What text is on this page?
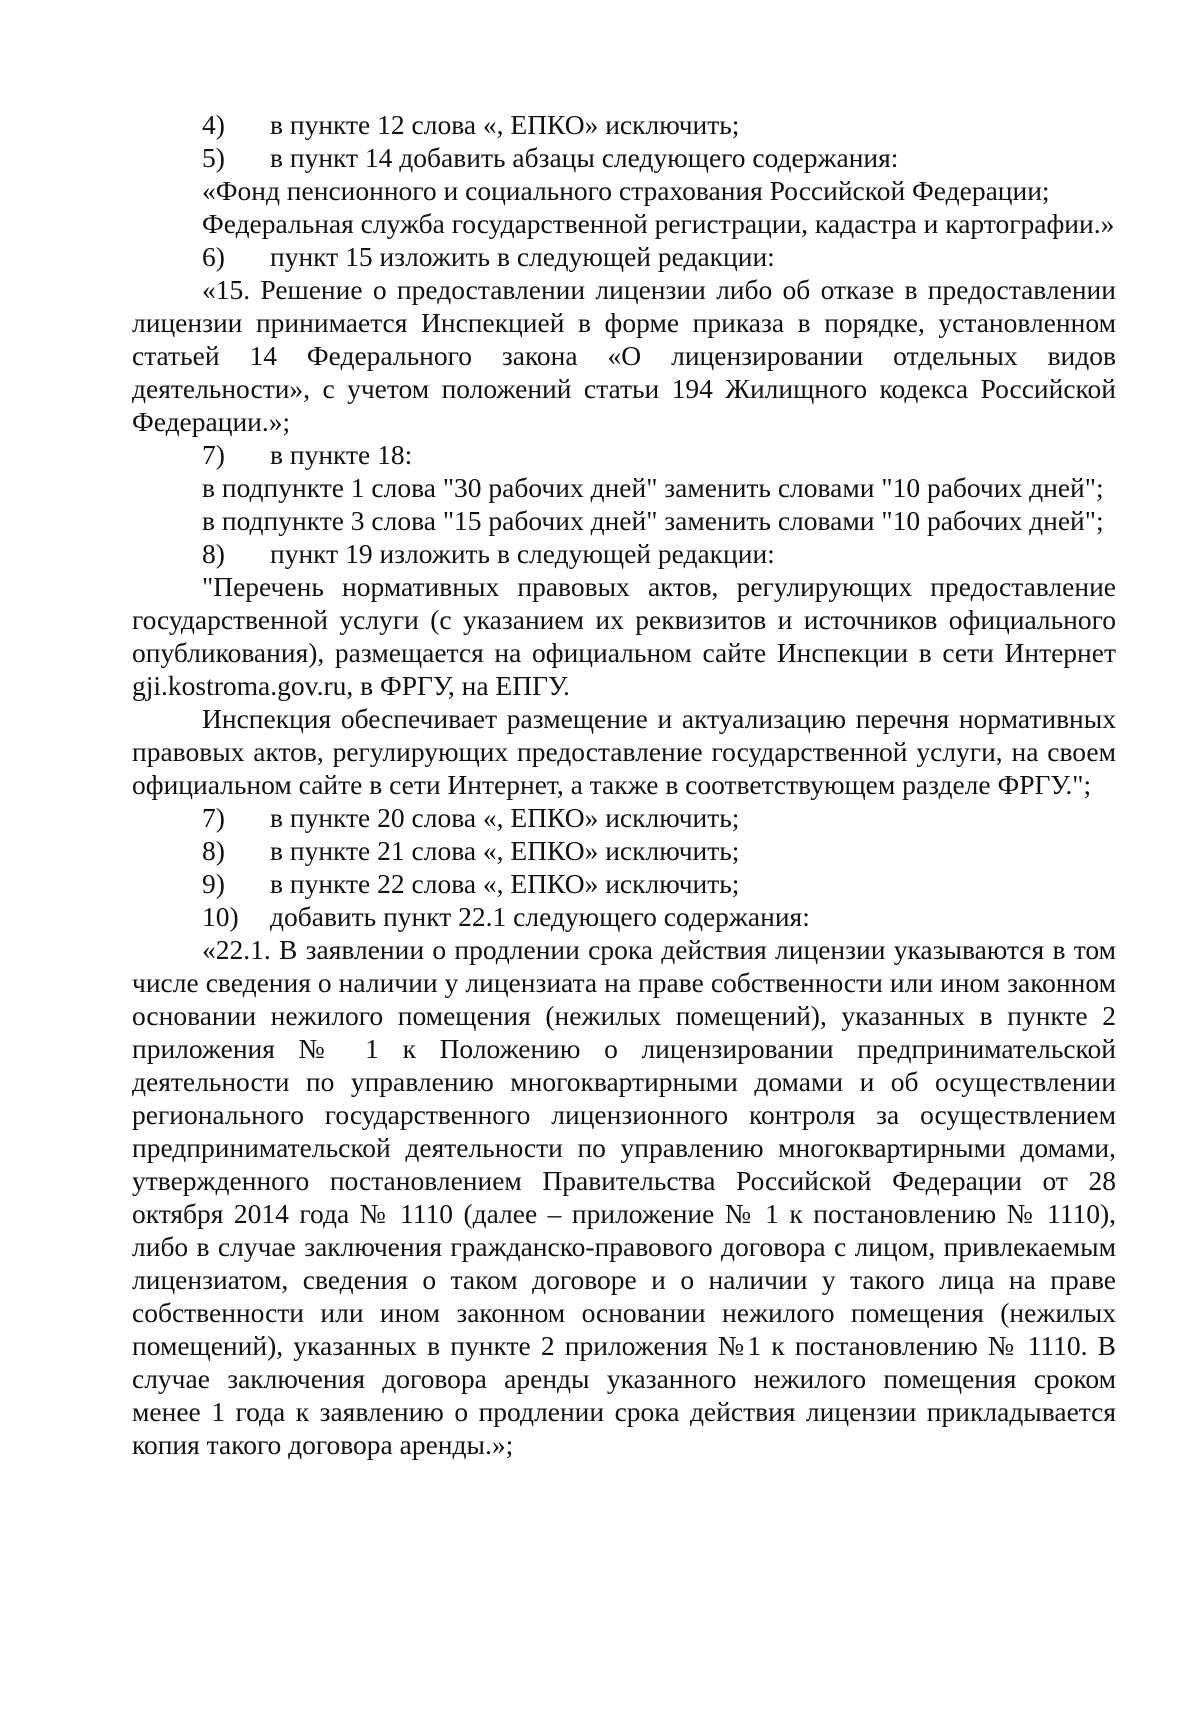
4) в пункте 12 слова «, ЕПКО» исключить;

5) в пункт 14 добавить абзацы следующего содержания:

«Фонд пенсионного и социального страхования Российской Федерации;

Федеральная служба государственной регистрации, кадастра и картографии.»

6) пункт 15 изложить в следующей редакции:

«15. Решение о предоставлении лицензии либо об отказе в предоставлении лицензии принимается Инспекцией в форме приказа в порядке, установленном статьей 14 Федерального закона «О лицензировании отдельных видов деятельности», с учетом положений статьи 194 Жилищного кодекса Российской Федерации.»;

7) в пункте 18:

в подпункте 1 слова "30 рабочих дней" заменить словами "10 рабочих дней";

в подпункте 3 слова "15 рабочих дней" заменить словами "10 рабочих дней";

8) пункт 19 изложить в следующей редакции:

"Перечень нормативных правовых актов, регулирующих предоставление государственной услуги (с указанием их реквизитов и источников официального опубликования), размещается на официальном сайте Инспекции в сети Интернет gji.kostroma.gov.ru, в ФРГУ, на ЕПГУ.

Инспекция обеспечивает размещение и актуализацию перечня нормативных правовых актов, регулирующих предоставление государственной услуги, на своем официальном сайте в сети Интернет, а также в соответствующем разделе ФРГУ.";

7) в пункте 20 слова «, ЕПКО» исключить;

8) в пункте 21 слова «, ЕПКО» исключить;

9) в пункте 22 слова «, ЕПКО» исключить;

10) добавить пункт 22.1 следующего содержания:

«22.1. В заявлении о продлении срока действия лицензии указываются в том числе сведения о наличии у лицензиата на праве собственности или ином законном основании нежилого помещения (нежилых помещений), указанных в пункте 2 приложения № 1 к Положению о лицензировании предпринимательской деятельности по управлению многоквартирными домами и об осуществлении регионального государственного лицензионного контроля за осуществлением предпринимательской деятельности по управлению многоквартирными домами, утвержденного постановлением Правительства Российской Федерации от 28 октября 2014 года № 1110 (далее – приложение № 1 к постановлению № 1110), либо в случае заключения гражданско-правового договора с лицом, привлекаемым лицензиатом, сведения о таком договоре и о наличии у такого лица на праве собственности или ином законном основании нежилого помещения (нежилых помещений), указанных в пункте 2 приложения №1 к постановлению № 1110. В случае заключения договора аренды указанного нежилого помещения сроком менее 1 года к заявлению о продлении срока действия лицензии прикладывается копия такого договора аренды.»;
